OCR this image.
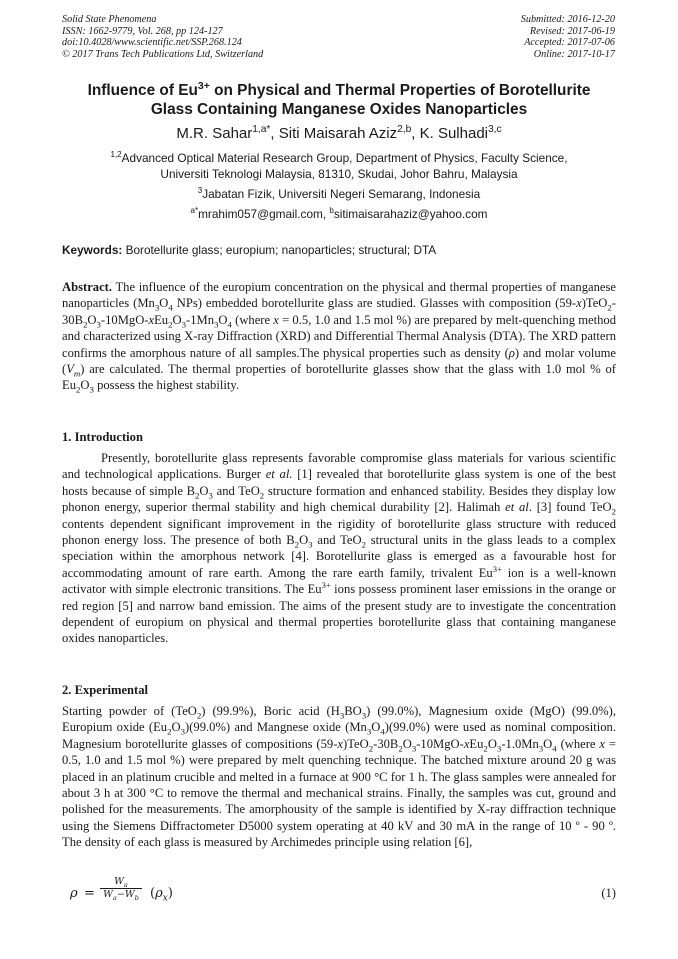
Solid State Phenomena
ISSN: 1662-9779, Vol. 268, pp 124-127
doi:10.4028/www.scientific.net/SSP.268.124
© 2017 Trans Tech Publications Ltd, Switzerland
Submitted: 2016-12-20
Revised: 2017-06-19
Accepted: 2017-07-06
Online: 2017-10-17
Influence of $Eu^{3+}$ on Physical and Thermal Properties of Borotellurite
Glass Containing Manganese Oxides Nanoparticles
M.R. Sahar$^{1,a*}$, Siti Maisarah Aziz$^{2,b}$, K. Sulhadi$^{3,c}$
$^{1,2}$Advanced Optical Material Research Group, Department of Physics, Faculty Science,
Universiti Teknologi Malaysia, 81310, Skudai, Johor Bahru, Malaysia
$^3$Jabatan Fizik, Universiti Negeri Semarang, Indonesia
$^{a*}$mrahim057@gmail.com, $^b$sitimaisarahaziz@yahoo.com
Keywords: Borotellurite glass; europium; nanoparticles; structural; DTA
Abstract. The influence of the europium concentration on the physical and thermal properties of manganese nanoparticles ($Mn_3O_4$ NPs) embedded borotellurite glass are studied. Glasses with composition $(59-x)TeO_2-30B_2O_3-10MgO-xEu_2O_3-1Mn_3O_4$ (where x = 0.5, 1.0 and 1.5 mol %) are prepared by melt-quenching method and characterized using X-ray Diffraction (XRD) and Differential Thermal Analysis (DTA). The XRD pattern confirms the amorphous nature of all samples.The physical properties such as density (ρ) and molar volume $(V_m)$ are calculated. The thermal properties of borotellurite glasses show that the glass with 1.0 mol % of $Eu_2O_3$ possess the highest stability.
1. Introduction
Presently, borotellurite glass represents favorable compromise glass materials for various scientific and technological applications. Burger et al. [1] revealed that borotellurite glass system is one of the best hosts because of simple $B_2O_3$ and TeO$_2$ structure formation and enhanced stability. Besides they display low phonon energy, superior thermal stability and high chemical durability [2]. Halimah et al. [3] found TeO$_2$ contents dependent significant improvement in the rigidity of borotellurite glass structure with reduced phonon energy loss. The presence of both $B_2O_3$ and TeO$_2$ structural units in the glass leads to a complex speciation within the amorphous network [4]. Borotellurite glass is emerged as a favourable host for accommodating amount of rare earth. Among the rare earth family, trivalent $Eu^{3+}$ ion is a well-known activator with simple electronic transitions. The $Eu^{3+}$ ions possess prominent laser emissions in the orange or red region [5] and narrow band emission. The aims of the present study are to investigate the concentration dependent of europium on physical and thermal properties borotellurite glass that containing manganese oxides nanoparticles.
2. Experimental
Starting powder of (TeO$_2$) (99.9%), Boric acid $(H_3BO_3)$ (99.0%), Magnesium oxide (MgO) (99.0%), Europium oxide $(Eu_2O_3)(99.0\%)$ and Mangnese oxide $(Mn_3O_4)(99.0\%)$ were used as nominal composition. Magnesium borotellurite glasses of compositions $(59-x)TeO_2-30B_2O_3-10MgO-xEu_2O_3-1.0Mn_3O_4$ (where x = 0.5, 1.0 and 1.5 mol %) were prepared by melt quenching technique. The batched mixture around 20 g was placed in an platinum crucible and melted in a furnace at 900 °C for 1 h. The glass samples were annealed for about 3 h at 300 °C to remove the thermal and mechanical strains. Finally, the samples was cut, ground and polished for the measurements. The amorphousity of the sample is identified by X-ray diffraction technique using the Siemens Diffractometer D5000 system operating at 40 kV and 30 mA in the range of 10 º - 90 º. The density of each glass is measured by Archimedes principle using relation [6],
ρ =
$W_a$
$W_a-W_b$ $(\rho_x)$	(1)
